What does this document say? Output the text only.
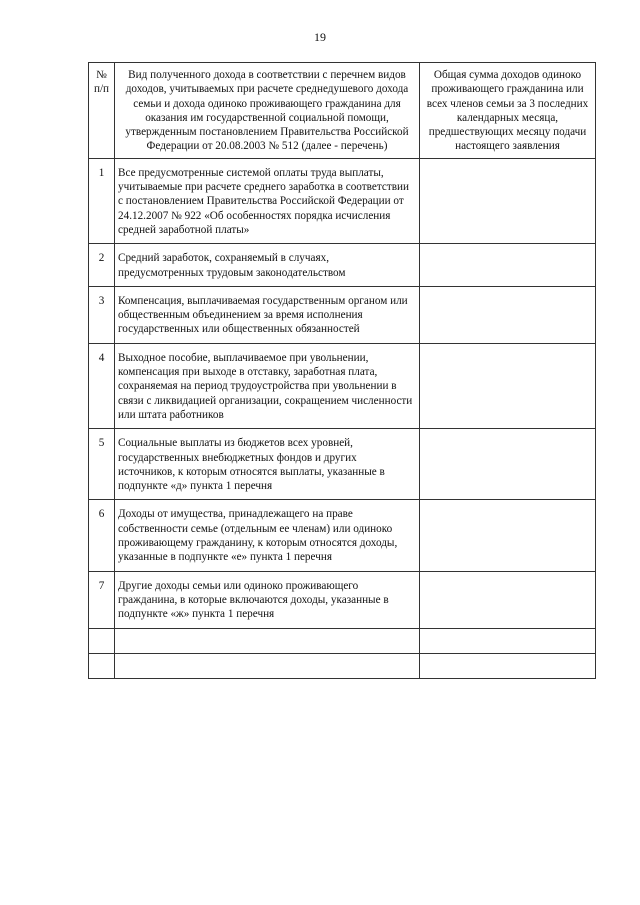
19
№ п/п	Вид полученного дохода в соответствии с перечнем видов доходов, учитываемых при расчете среднедушевого дохода семьи и дохода одиноко проживающего гражданина для оказания им государственной социальной помощи, утвержденным постановлением Правительства Российской Федерации от 20.08.2003 № 512 (далее - перечень)	Общая сумма доходов одиноко проживающего гражданина или всех членов семьи за 3 последних календарных месяца, предшествующих месяцу подачи настоящего заявления
1	Все предусмотренные системой оплаты труда выплаты, учитываемые при расчете среднего заработка в соответствии с постановлением Правительства Российской Федерации от 24.12.2007 № 922 «Об особенностях порядка исчисления средней заработной платы»	
2	Средний заработок, сохраняемый в случаях, предусмотренных трудовым законодательством	
3	Компенсация, выплачиваемая государственным органом или общественным объединением за время исполнения государственных или общественных обязанностей	
4	Выходное пособие, выплачиваемое при увольнении, компенсация при выходе в отставку, заработная плата, сохраняемая на период трудоустройства при увольнении в связи с ликвидацией организации, сокращением численности или штата работников	
5	Социальные выплаты из бюджетов всех уровней, государственных внебюджетных фондов и других источников, к которым относятся выплаты, указанные в подпункте «д» пункта 1 перечня	
6	Доходы от имущества, принадлежащего на праве собственности семье (отдельным ее членам) или одиноко проживающему гражданину, к которым относятся доходы, указанные в подпункте «е» пункта 1 перечня	
7	Другие доходы семьи или одиноко проживающего гражданина, в которые включаются доходы, указанные в подпункте «ж» пункта 1 перечня	
